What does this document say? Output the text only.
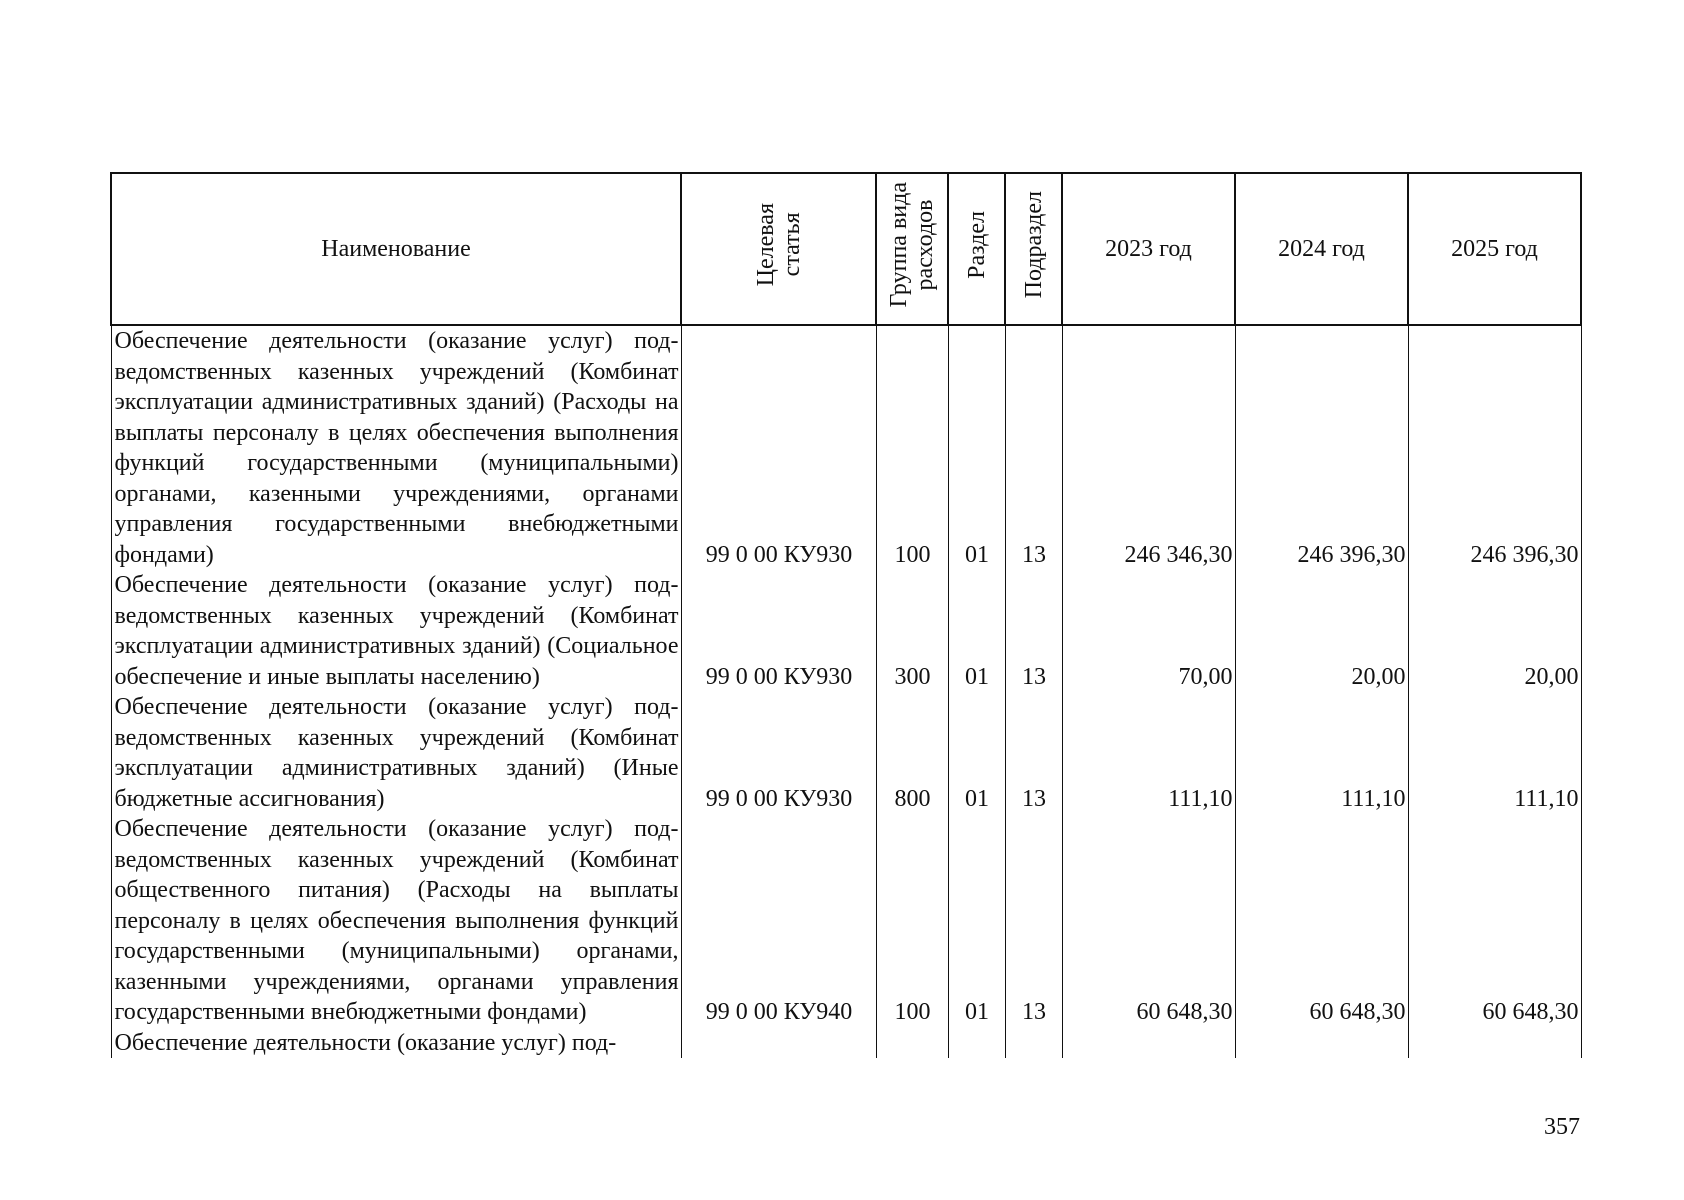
Наименование	Целевая статья	Группа вида расходов	Раздел	Подраздел	2023 год	2024 год	2025 год
Обеспечение деятельности (оказание услуг) подведомственных казенных учреждений (Комбинат эксплуатации административных зданий) (Расходы на выплаты персоналу в целях обеспечения выполнения функций государственными (муниципальными) органами, казенными учреждениями, органами управления государственными внебюджетными фондами)	99 0 00 КУ930	100	01	13	246 346,30	246 396,30	246 396,30
Обеспечение деятельности (оказание услуг) подведомственных казенных учреждений (Комбинат эксплуатации административных зданий) (Социальное обеспечение и иные выплаты населению)	99 0 00 КУ930	300	01	13	70,00	20,00	20,00
Обеспечение деятельности (оказание услуг) подведомственных казенных учреждений (Комбинат эксплуатации административных зданий) (Иные бюджетные ассигнования)	99 0 00 КУ930	800	01	13	111,10	111,10	111,10
Обеспечение деятельности (оказание услуг) подведомственных казенных учреждений (Комбинат общественного питания) (Расходы на выплаты персоналу в целях обеспечения выполнения функций государственными (муниципальными) органами, казенными учреждениями, органами управления государственными внебюджетными фондами)	99 0 00 КУ940	100	01	13	60 648,30	60 648,30	60 648,30
Обеспечение деятельности (оказание услуг) под-							
357
